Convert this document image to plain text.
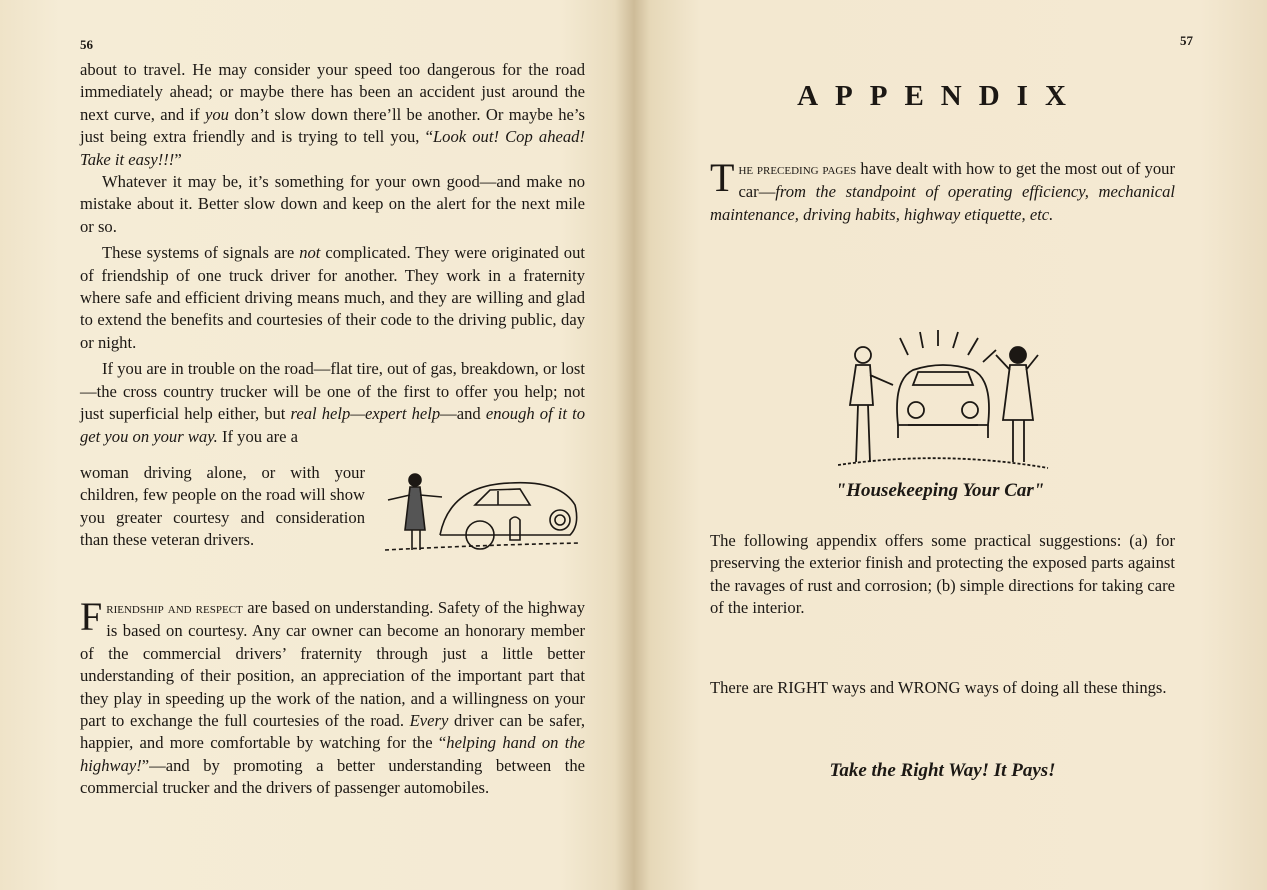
56

about to travel. He may consider your speed too dangerous for the road immediately ahead; or maybe there has been an accident just around the next curve, and if you don’t slow down there’ll be another. Or maybe he’s just being extra friendly and is trying to tell you, “Look out! Cop ahead! Take it easy!!!”

Whatever it may be, it’s something for your own good—and make no mistake about it. Better slow down and keep on the alert for the next mile or so.

These systems of signals are not complicated. They were originated out of friendship of one truck driver for another. They work in a fraternity where safe and efficient driving means much, and they are willing and glad to extend the benefits and courtesies of their code to the driving public, day or night.

If you are in trouble on the road—flat tire, out of gas, breakdown, or lost—the cross country trucker will be one of the first to offer you help; not just superficial help either, but real help—expert help—and enough of it to get you on your way. If you are a

woman driving alone, or with your children, few people on the road will show you greater courtesy and consideration than these veteran drivers.

Friendship and respect are based on understanding. Safety of the highway is based on courtesy. Any car owner can become an honorary member of the commercial drivers’ fraternity through just a little better understanding of their position, an appreciation of the important part that they play in speeding up the work of the nation, and a willingness on your part to exchange the full courtesies of the road. Every driver can be safer, happier, and more comfortable by watching for the “helping hand on the highway!”—and by promoting a better understanding between the commercial trucker and the drivers of passenger automobiles.

57
APPENDIX

The preceding pages have dealt with how to get the most out of your car—from the standpoint of operating efficiency, mechanical maintenance, driving habits, highway etiquette, etc.

"Housekeeping Your Car"
The following appendix offers some practical suggestions: (a) for preserving the exterior finish and protecting the exposed parts against the ravages of rust and corrosion; (b) simple directions for taking care of the interior.
There are RIGHT ways and WRONG ways of doing all these things.
Take the Right Way! It Pays!
